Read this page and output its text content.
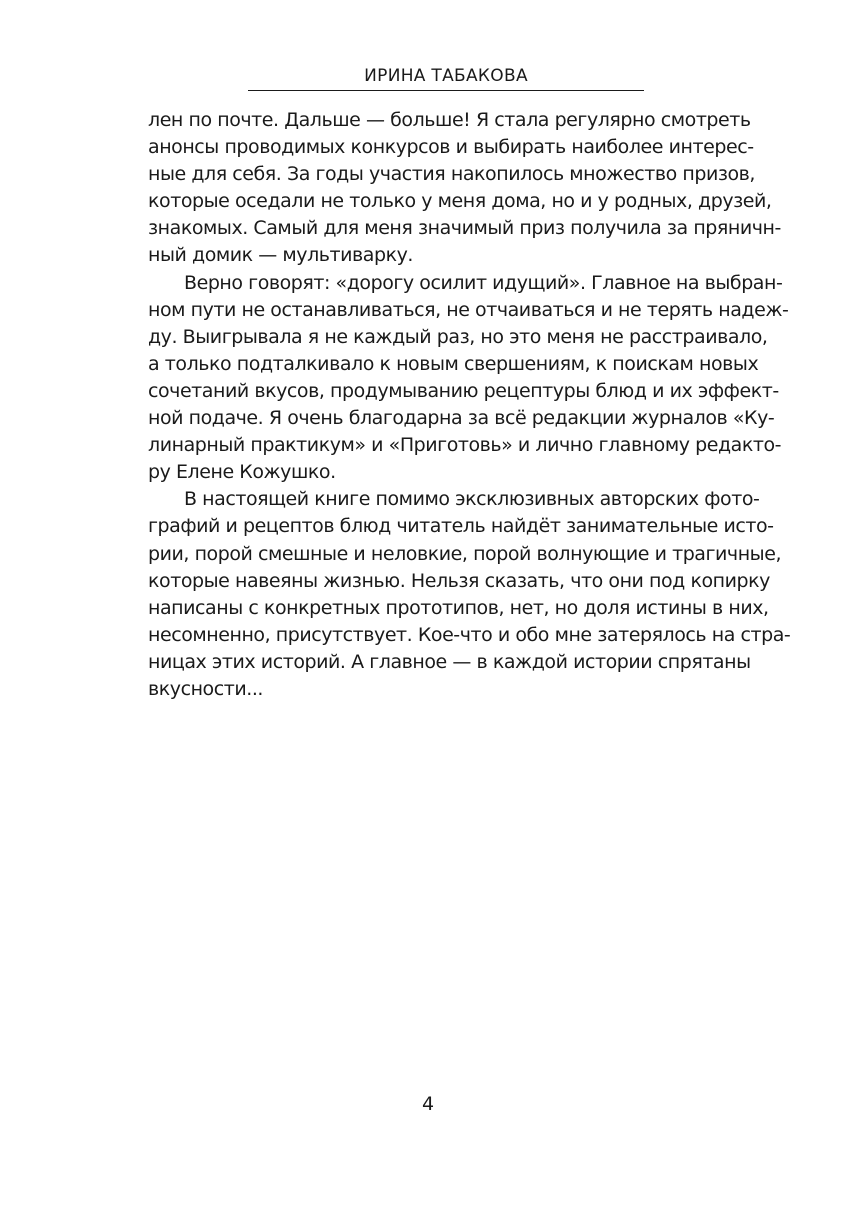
ИРИНА ТАБАКОВА
лен по почте. Дальше — больше! Я стала регулярно смотреть
анонсы проводимых конкурсов и выбирать наиболее интерес-
ные для себя. За годы участия накопилось множество призов,
которые оседали не только у меня дома, но и у родных, друзей,
знакомых. Самый для меня значимый приз получила за пряничн-
ный домик — мультиварку.
Верно говорят: «дорогу осилит идущий». Главное на выбран-
ном пути не останавливаться, не отчаиваться и не терять надеж-
ду. Выигрывала я не каждый раз, но это меня не расстраивало,
а только подталкивало к новым свершениям, к поискам новых
сочетаний вкусов, продумыванию рецептуры блюд и их эффект-
ной подаче. Я очень благодарна за всё редакции журналов «Ку-
линарный практикум» и «Приготовь» и лично главному редакто-
ру Елене Кожушко.
В настоящей книге помимо эксклюзивных авторских фото-
графий и рецептов блюд читатель найдёт занимательные исто-
рии, порой смешные и неловкие, порой волнующие и трагичные,
которые навеяны жизнью. Нельзя сказать, что они под копирку
написаны с конкретных прототипов, нет, но доля истины в них,
несомненно, присутствует. Кое-что и обо мне затерялось на стра-
ницах этих историй. А главное — в каждой истории спрятаны
вкусности...
4
